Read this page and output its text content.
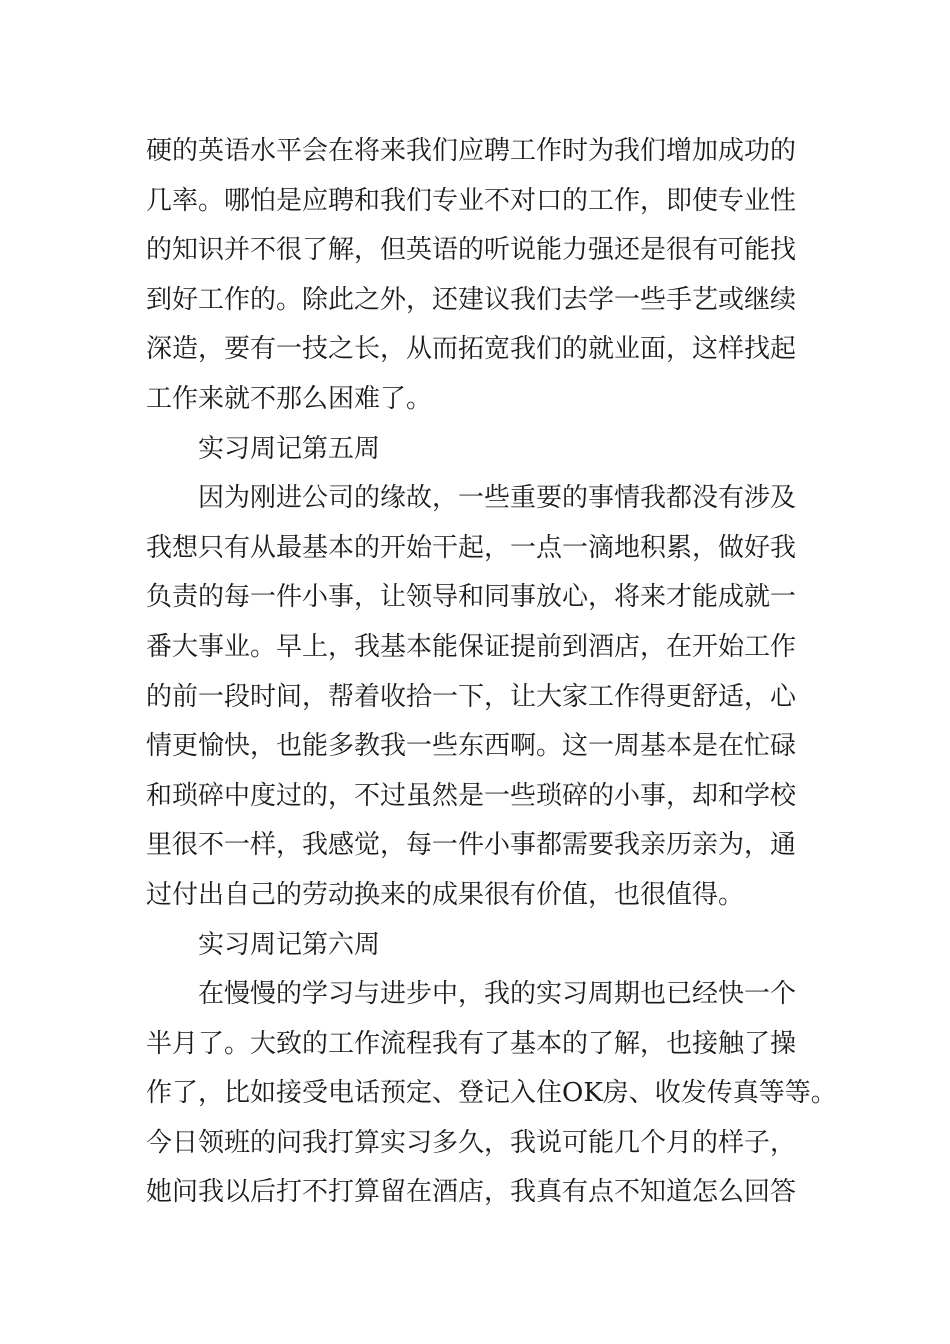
硬的英语水平会在将来我们应聘工作时为我们增加成功的
几率。哪怕是应聘和我们专业不对口的工作，即使专业性
的知识并不很了解，但英语的听说能力强还是很有可能找
到好工作的。除此之外，还建议我们去学一些手艺或继续
深造，要有一技之长，从而拓宽我们的就业面，这样找起
工作来就不那么困难了。
实习周记第五周
因为刚进公司的缘故，一些重要的事情我都没有涉及
我想只有从最基本的开始干起，一点一滴地积累，做好我
负责的每一件小事，让领导和同事放心，将来才能成就一
番大事业。早上，我基本能保证提前到酒店，在开始工作
的前一段时间，帮着收拾一下，让大家工作得更舒适，心
情更愉快，也能多教我一些东西啊。这一周基本是在忙碌
和琐碎中度过的，不过虽然是一些琐碎的小事，却和学校
里很不一样，我感觉，每一件小事都需要我亲历亲为，通
过付出自己的劳动换来的成果很有价值，也很值得。
实习周记第六周
在慢慢的学习与进步中，我的实习周期也已经快一个
半月了。大致的工作流程我有了基本的了解，也接触了操
作了，比如接受电话预定、登记入住OK房、收发传真等等。
今日领班的问我打算实习多久，我说可能几个月的样子，
她问我以后打不打算留在酒店，我真有点不知道怎么回答
